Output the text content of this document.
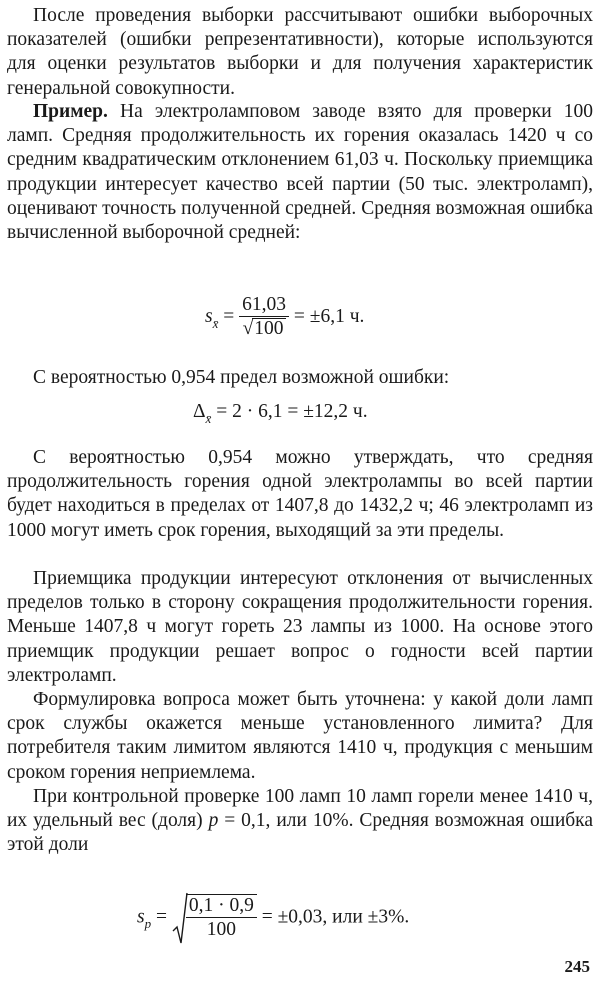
После проведения выборки рассчитывают ошибки выборочных показателей (ошибки репрезентативности), которые используются для оценки результатов выборки и для получения характеристик генеральной совокупности.
Пример. На электроламповом заводе взято для проверки 100 ламп. Средняя продолжительность их горения оказалась 1420 ч со средним квадратическим отклонением 61,03 ч. Поскольку приемщика продукции интересует качество всей партии (50 тыс. электроламп), оценивают точность полученной средней. Средняя возможная ошибка вычисленной выборочной средней:
$s_{x̄} = \frac{61,03}{√100} = \pm 6,1$ ч.
С вероятностью 0,954 предел возможной ошибки:
$\Delta_{x̄} = 2 \cdot 6,1 = \pm 12,2$ ч.
С вероятностью 0,954 можно утверждать, что средняя продолжительность горения одной электролампы во всей партии будет находиться в пределах от 1407,8 до 1432,2 ч; 46 электроламп из 1000 могут иметь срок горения, выходящий за эти пределы.
Приемщика продукции интересуют отклонения от вычисленных пределов только в сторону сокращения продолжительности горения. Меньше 1407,8 ч могут гореть 23 лампы из 1000. На основе этого приемщик продукции решает вопрос о годности всей партии электроламп.
Формулировка вопроса может быть уточнена: у какой доли ламп срок службы окажется меньше установленного лимита? Для потребителя таким лимитом являются 1410 ч, продукция с меньшим сроком горения неприемлема.
При контрольной проверке 100 ламп 10 ламп горели менее 1410 ч, их удельный вес (доля) p = 0,1, или 10%. Средняя возможная ошибка этой доли
$s_p = \frac{0,1 \cdot 0,9}{100} = \pm 0,03$, или ±3%.
245
